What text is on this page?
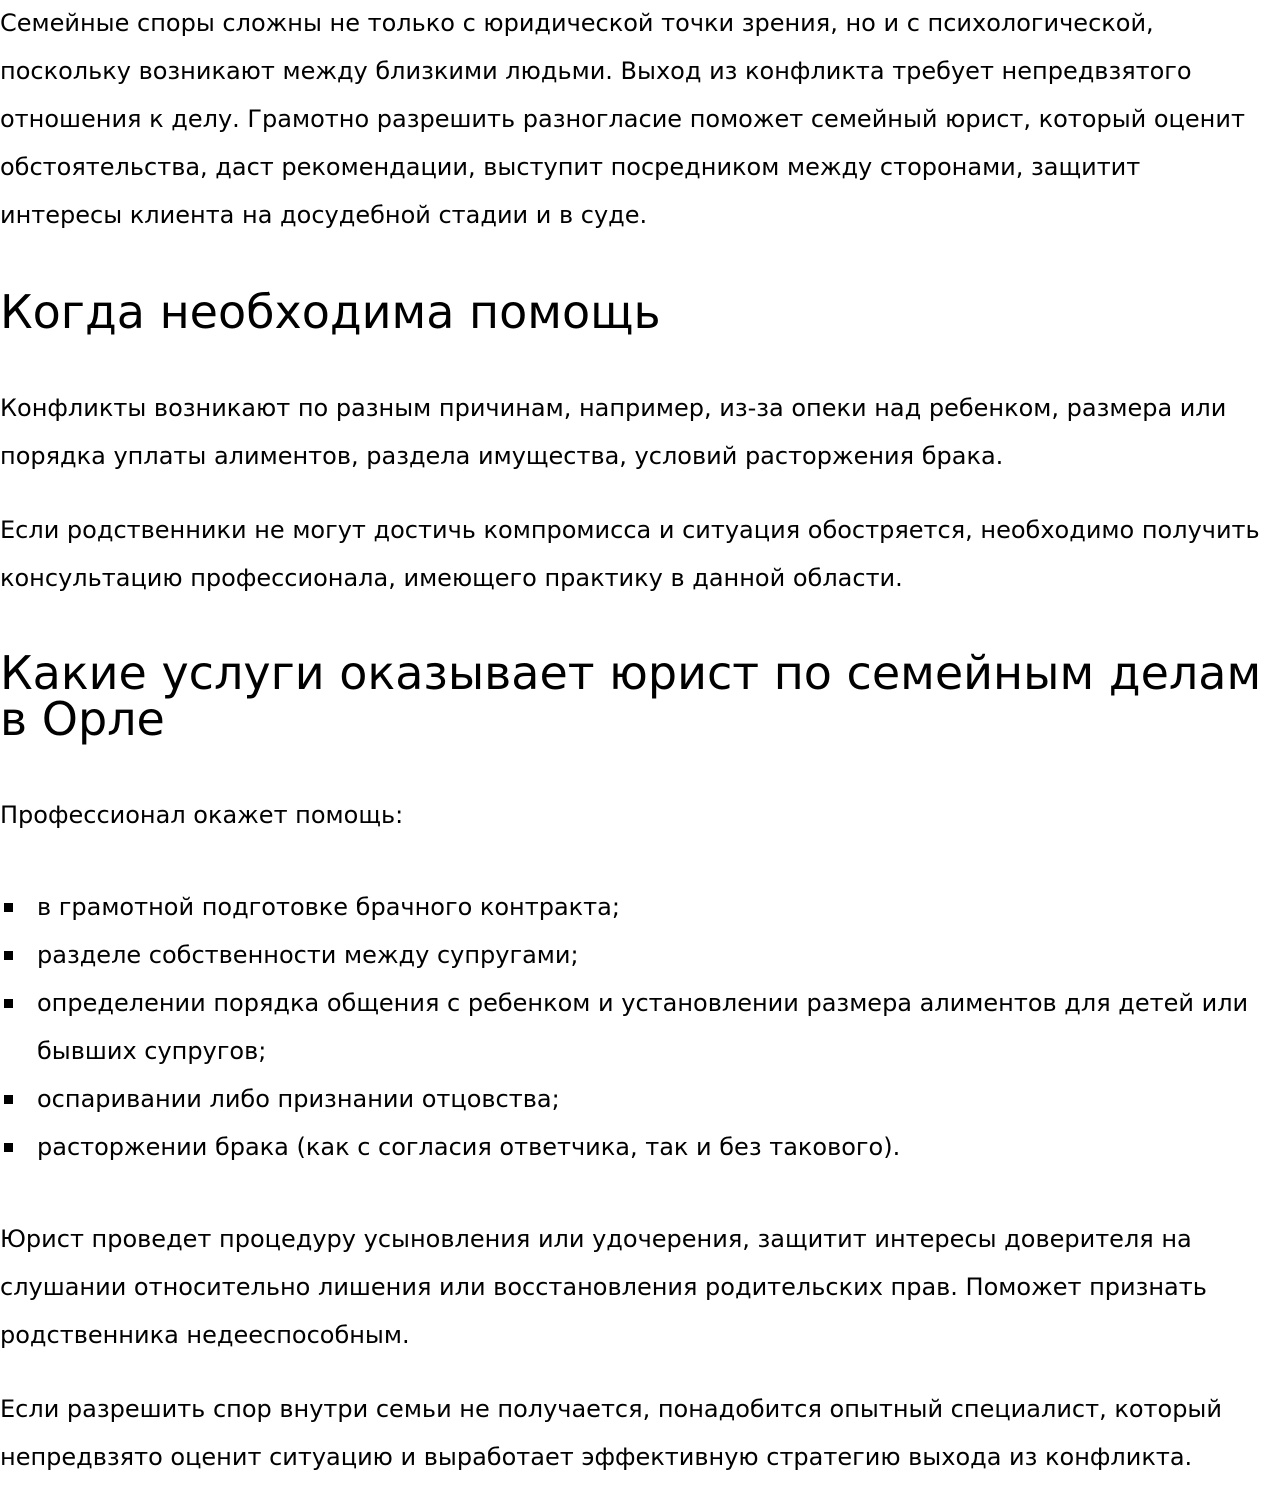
Семейные споры сложны не только с юридической точки зрения, но и с психологической, поскольку возникают между близкими людьми. Выход из конфликта требует непредвзятого отношения к делу. Грамотно разрешить разногласие поможет семейный юрист, который оценит обстоятельства, даст рекомендации, выступит посредником между сторонами, защитит интересы клиента на досудебной стадии и в суде.

Когда необходима помощь

Конфликты возникают по разным причинам, например, из-за опеки над ребенком, размера или порядка уплаты алиментов, раздела имущества, условий расторжения брака.

Если родственники не могут достичь компромисса и ситуация обостряется, необходимо получить консультацию профессионала, имеющего практику в данной области.

Какие услуги оказывает юрист по семейным делам в Орле

Профессионал окажет помощь:

в грамотной подготовке брачного контракта;
разделе собственности между супругами;
определении порядка общения с ребенком и установлении размера алиментов для детей или бывших супругов;
оспаривании либо признании отцовства;
расторжении брака (как с согласия ответчика, так и без такового).

Юрист проведет процедуру усыновления или удочерения, защитит интересы доверителя на слушании относительно лишения или восстановления родительских прав. Поможет признать родственника недееспособным.

Если разрешить спор внутри семьи не получается, понадобится опытный специалист, который непредвзято оценит ситуацию и выработает эффективную стратегию выхода из конфликта.
